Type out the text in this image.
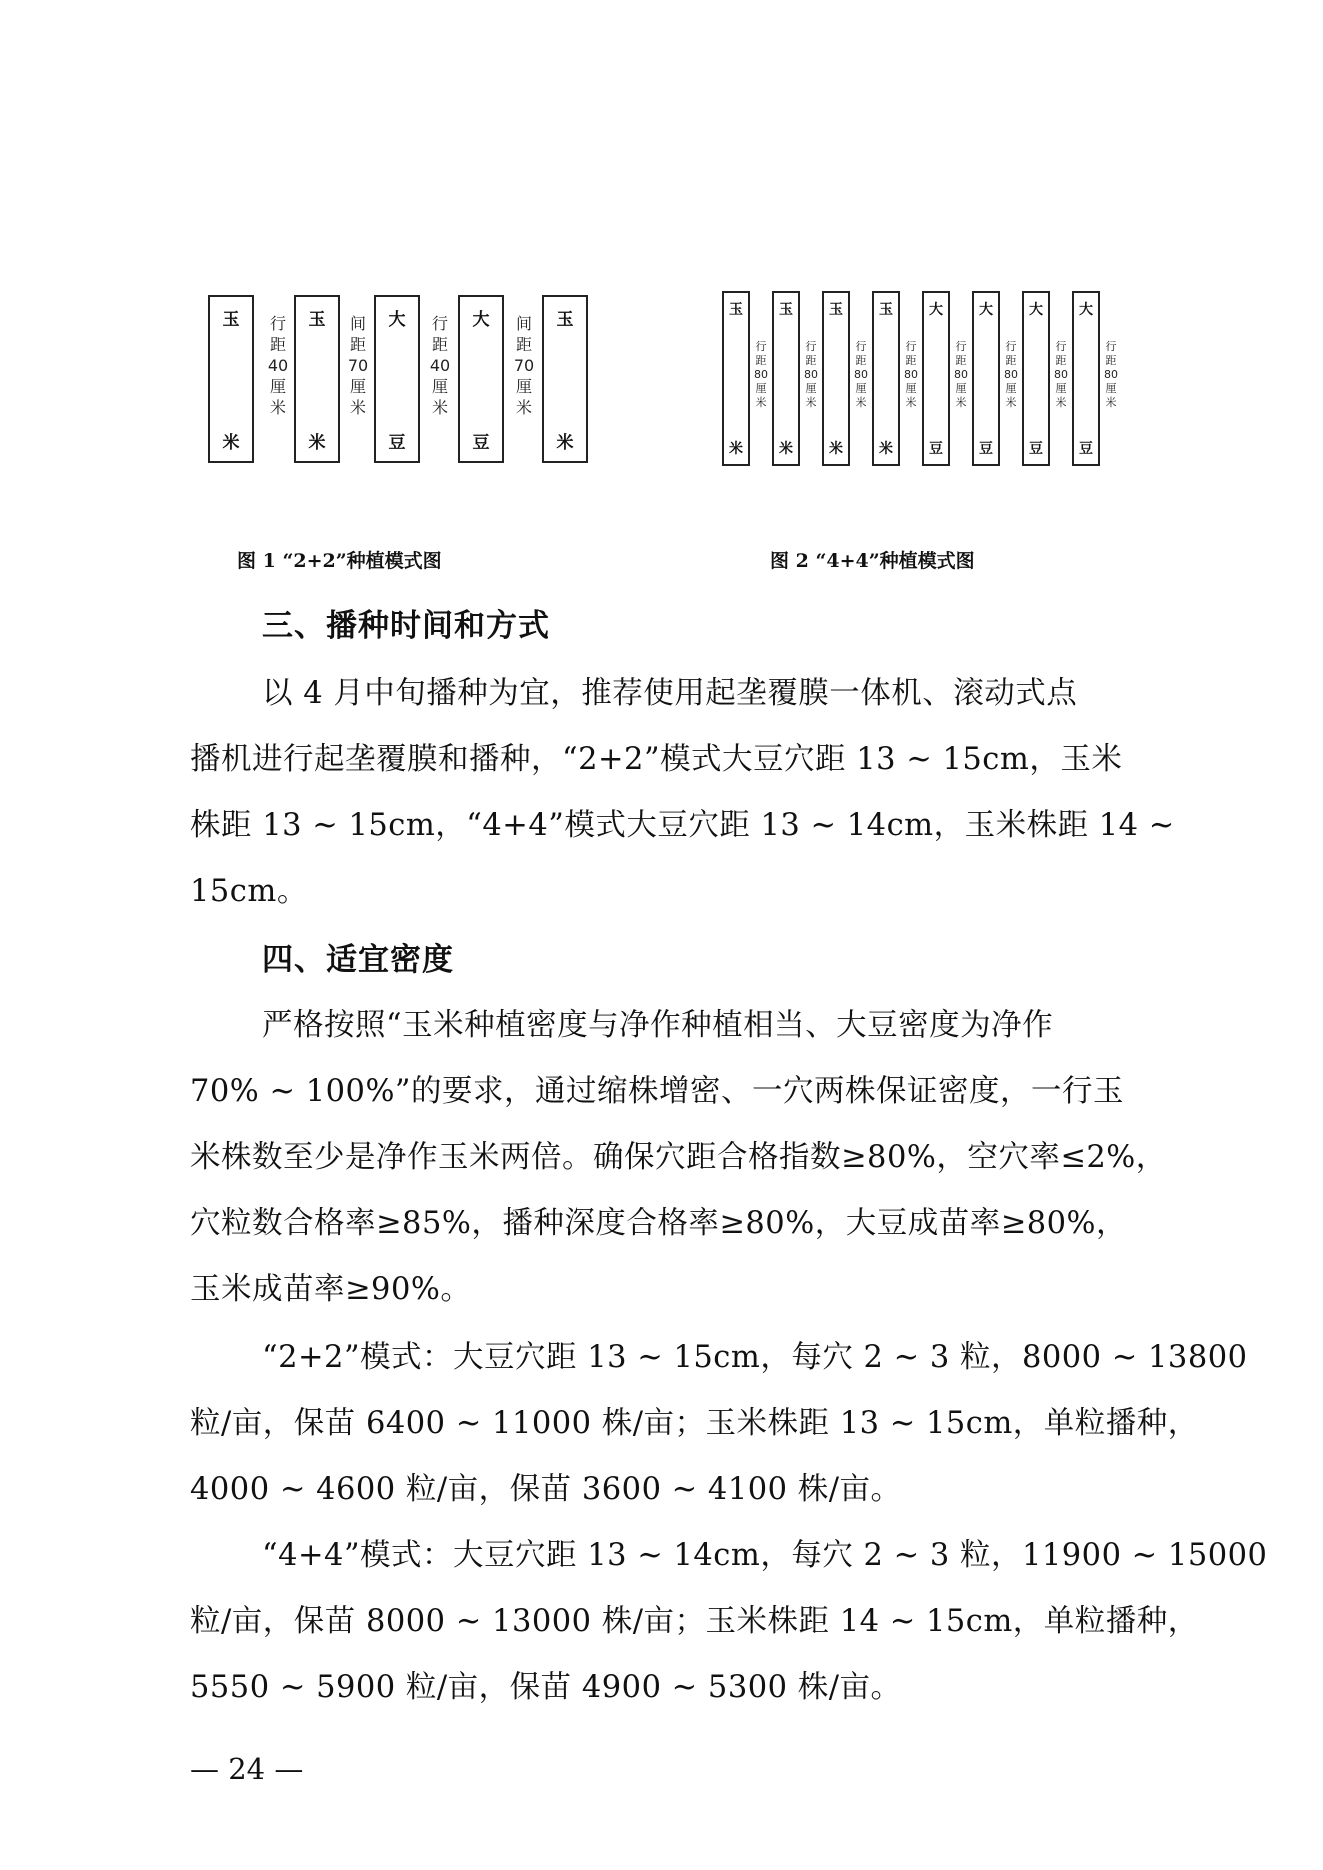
玉
米
行
距
40
厘
米
玉
米
间
距
70
厘
米
大
豆
行
距
40
厘
米
大
豆
间
距
70
厘
米
玉
米
玉
米
行
距
80
厘
米
玉
米
行
距
80
厘
米
玉
米
行
距
80
厘
米
玉
米
行
距
80
厘
米
大
豆
行
距
80
厘
米
大
豆
行
距
80
厘
米
大
豆
行
距
80
厘
米
大
豆
行
距
80
厘
米
图 1 “2+2”种植模式图	图 2 “4+4”种植模式图
三、播种时间和方式
以 4 月中旬播种为宜，推荐使用起垄覆膜一体机、滚动式点
播机进行起垄覆膜和播种，“2+2”模式大豆穴距 13 ~ 15cm，玉米
株距 13 ~ 15cm，“4+4”模式大豆穴距 13 ~ 14cm，玉米株距 14 ~
15cm。
四、适宜密度
严格按照“玉米种植密度与净作种植相当、大豆密度为净作
70% ~ 100%”的要求，通过缩株增密、一穴两株保证密度，一行玉
米株数至少是净作玉米两倍。确保穴距合格指数≥80%，空穴率≤2%，
穴粒数合格率≥85%，播种深度合格率≥80%，大豆成苗率≥80%，
玉米成苗率≥90%。
“2+2”模式：大豆穴距 13 ~ 15cm，每穴 2 ~ 3 粒，8000 ~ 13800
粒/亩，保苗 6400 ~ 11000 株/亩；玉米株距 13 ~ 15cm，单粒播种，
4000 ~ 4600 粒/亩，保苗 3600 ~ 4100 株/亩。
“4+4”模式：大豆穴距 13 ~ 14cm，每穴 2 ~ 3 粒，11900 ~ 15000
粒/亩，保苗 8000 ~ 13000 株/亩；玉米株距 14 ~ 15cm，单粒播种，
5550 ~ 5900 粒/亩，保苗 4900 ~ 5300 株/亩。
— 24 —
